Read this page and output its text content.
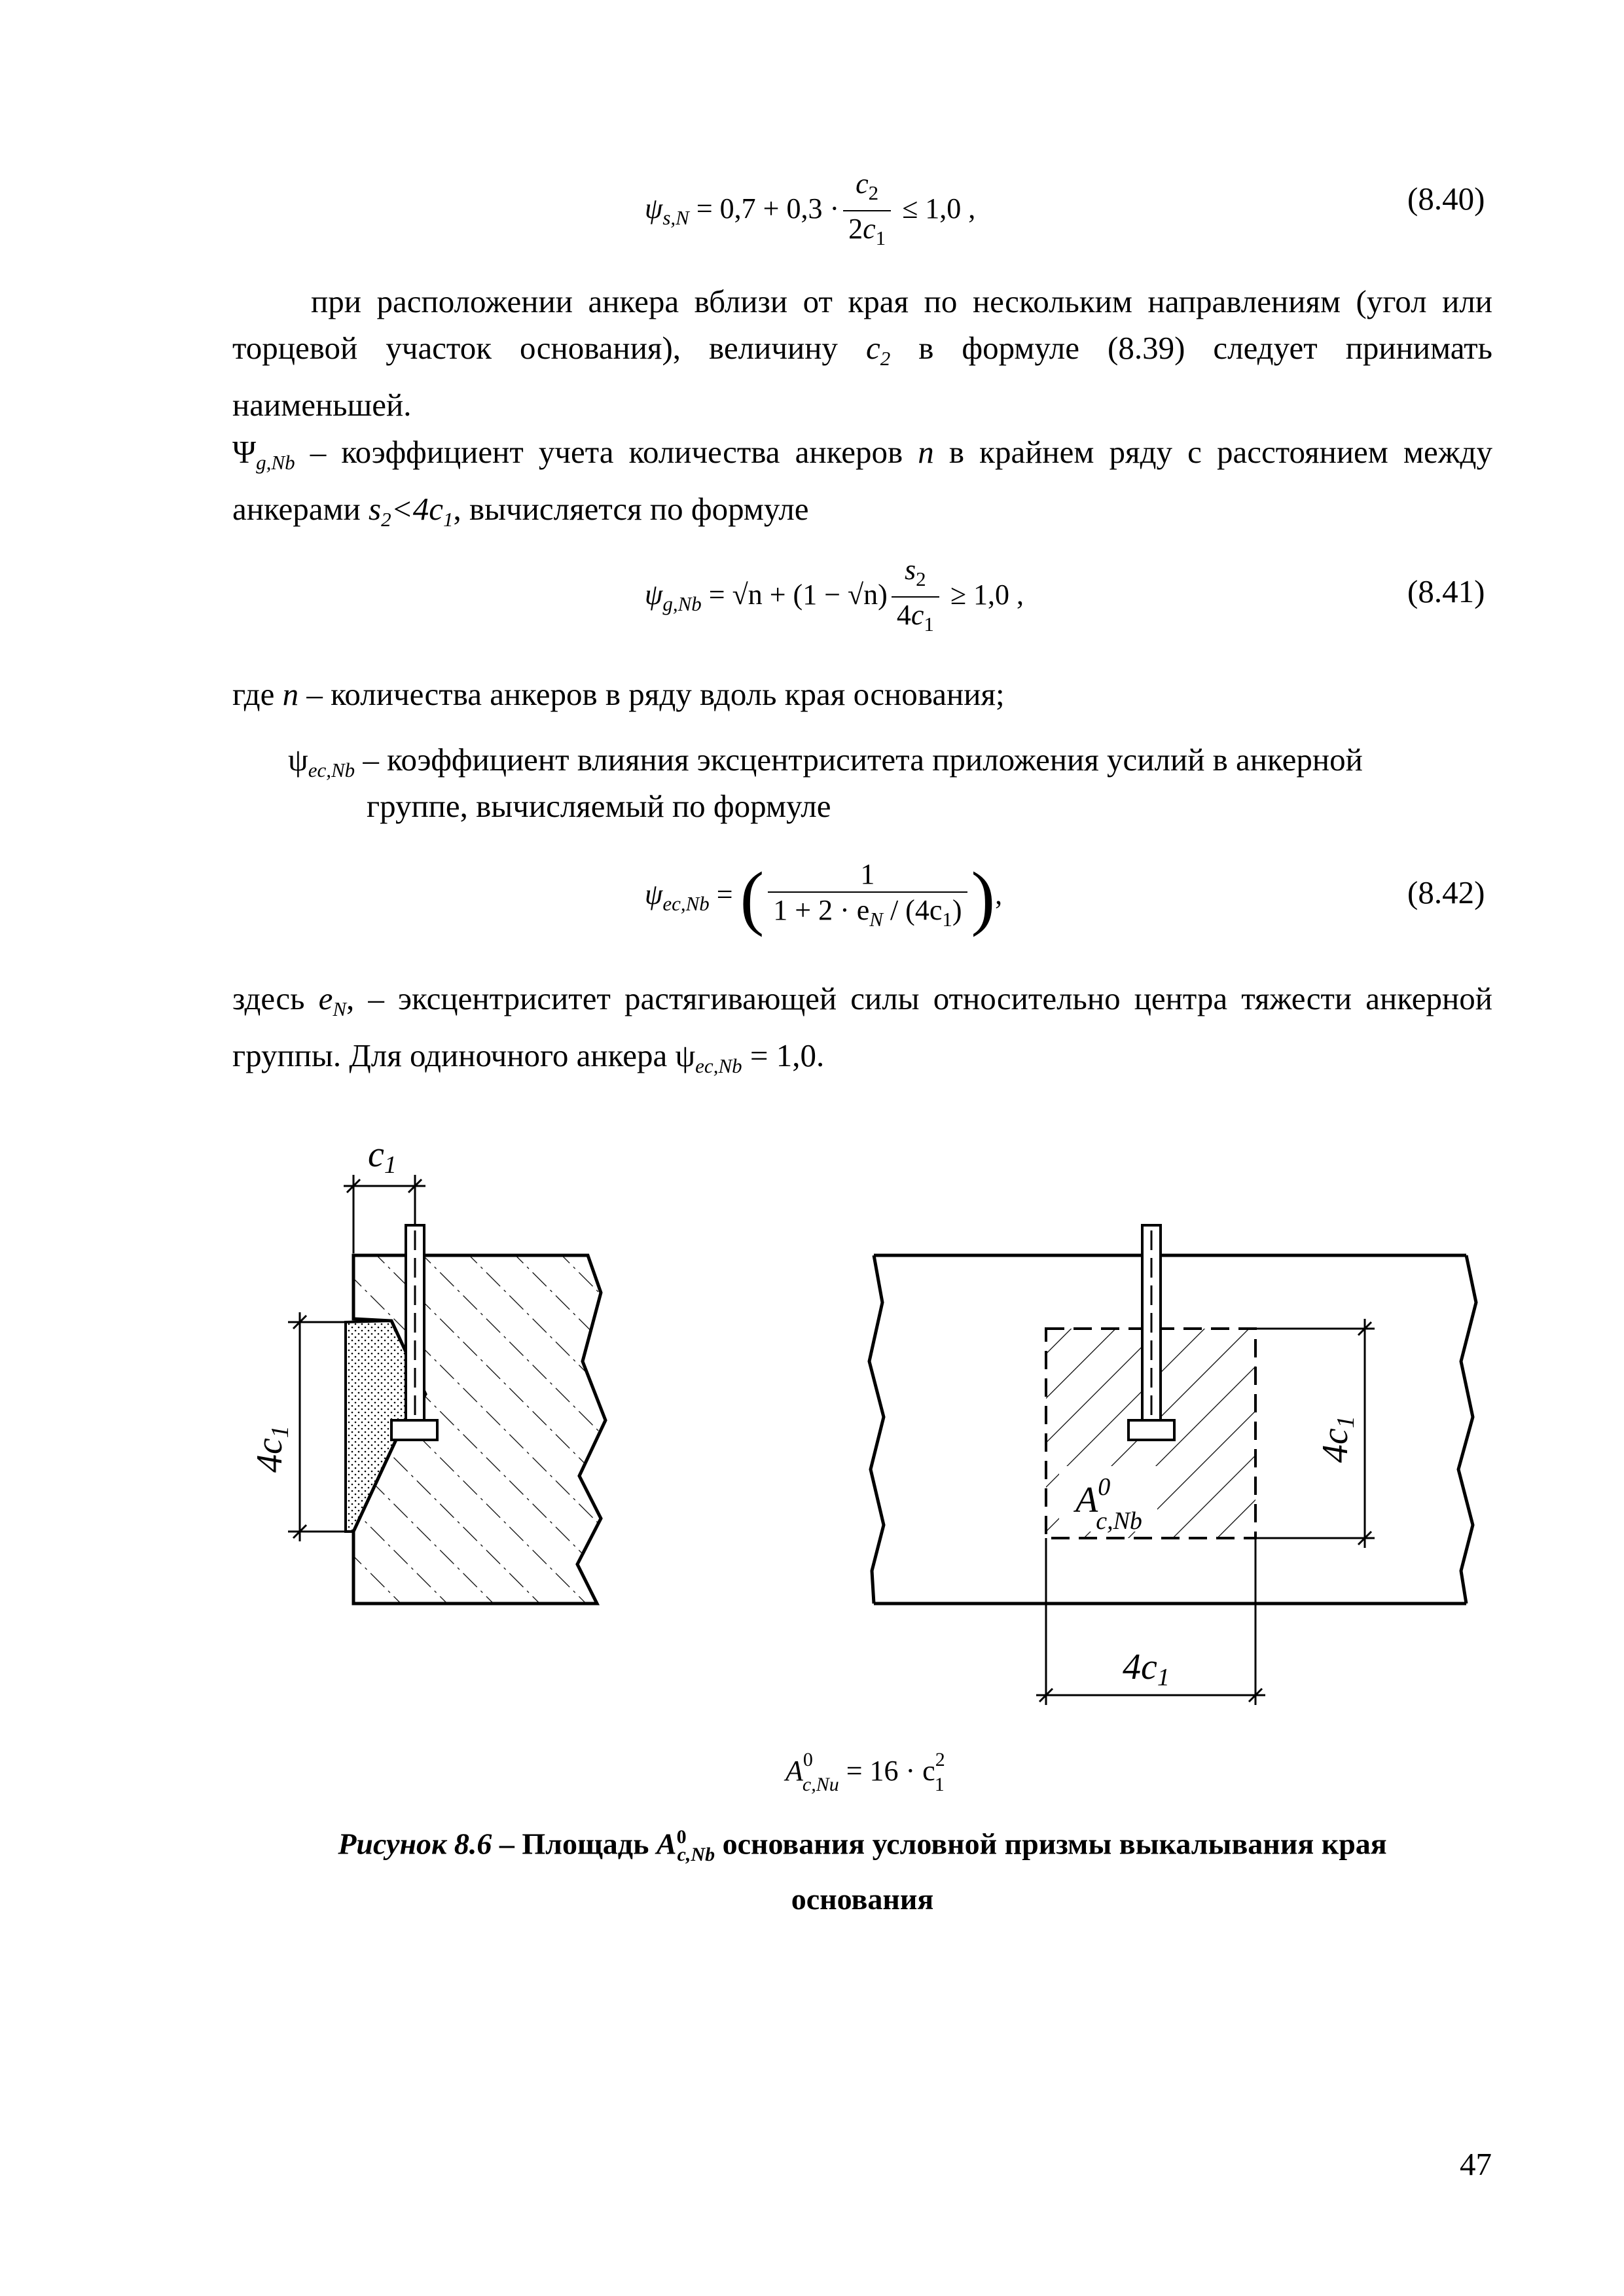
$\psi_{s,N} = 0,7 + 0,3 \cdot \frac{c_2}{2c_1} \le 1,0$ ,	(8.40)
при расположении анкера вблизи от края по нескольким направлениям (угол или торцевой участок основания), величину $c_2$ в формуле (8.39) следует принимать наименьшей.
$\Psi_{g,Nb}$ – коэффициент учета количества анкеров n в крайнем ряду с расстоянием между анкерами $s_2<4c_1$, вычисляется по формуле
$\psi_{g,Nb} = √n + (1 - √n) \frac{s_2}{4c_1} \ge 1,0$ ,	(8.41)
где n – количества анкеров в ряду вдоль края основания;
$\psi_{ec,Nb}$ – коэффициент влияния эксцентриситета приложения усилий в анкерной
группе, вычисляемый по формуле
$\psi_{ec,Nb}$ = ( $\frac{1}{1 + 2 \cdot e_N / (4c_1)}$ ),	(8.42)
здесь $e_N$, – эксцентриситет растягивающей силы относительно центра тяжести анкерной группы. Для одиночного анкера $\psi_{ec,Nb} = 1,0$.
c1
4c1
$A^0$ c,Nb
4c1
4c1
$A^0$ $c,Nu = 16 \cdot c^2$ 1
Рисунок 8.6 – Площадь $A^0_{c,Nb}$ основания условной призмы выкалывания края
основания
47
